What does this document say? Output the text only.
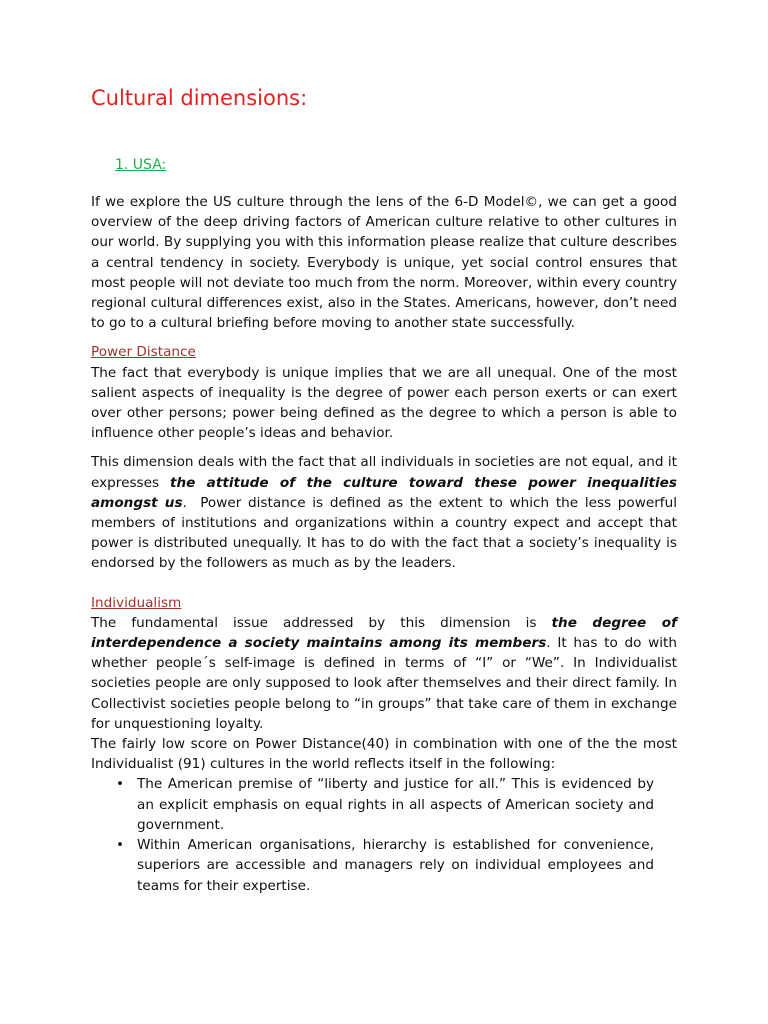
Cultural dimensions:
1. USA:

If we explore the US culture through the lens of the 6-D Model©, we can get a good overview of the deep driving factors of American culture relative to other cultures in our world. By supplying you with this information please realize that culture describes a central tendency in society. Everybody is unique, yet social control ensures that most people will not deviate too much from the norm. Moreover, within every country regional cultural differences exist, also in the States. Americans, however, don’t need to go to a cultural briefing before moving to another state successfully.

Power Distance

The fact that everybody is unique implies that we are all unequal. One of the most salient aspects of inequality is the degree of power each person exerts or can exert over other persons; power being defined as the degree to which a person is able to influence other people’s ideas and behavior.

This dimension deals with the fact that all individuals in societies are not equal, and it expresses the attitude of the culture toward these power inequalities amongst us.  Power distance is defined as the extent to which the less powerful members of institutions and organizations within a country expect and accept that power is distributed unequally. It has to do with the fact that a society’s inequality is endorsed by the followers as much as by the leaders.

Individualism

The fundamental issue addressed by this dimension is the degree of interdependence a society maintains among its members. It has to do with whether people´s self-image is defined in terms of “I” or “We”. In Individualist societies people are only supposed to look after themselves and their direct family. In Collectivist societies people belong to “in groups” that take care of them in exchange for unquestioning loyalty.

The fairly low score on Power Distance(40) in combination with one of the the most Individualist (91) cultures in the world reflects itself in the following:

• The American premise of “liberty and justice for all.” This is evidenced by an explicit emphasis on equal rights in all aspects of American society and government.
• Within American organisations, hierarchy is established for convenience, superiors are accessible and managers rely on individual employees and teams for their expertise.
